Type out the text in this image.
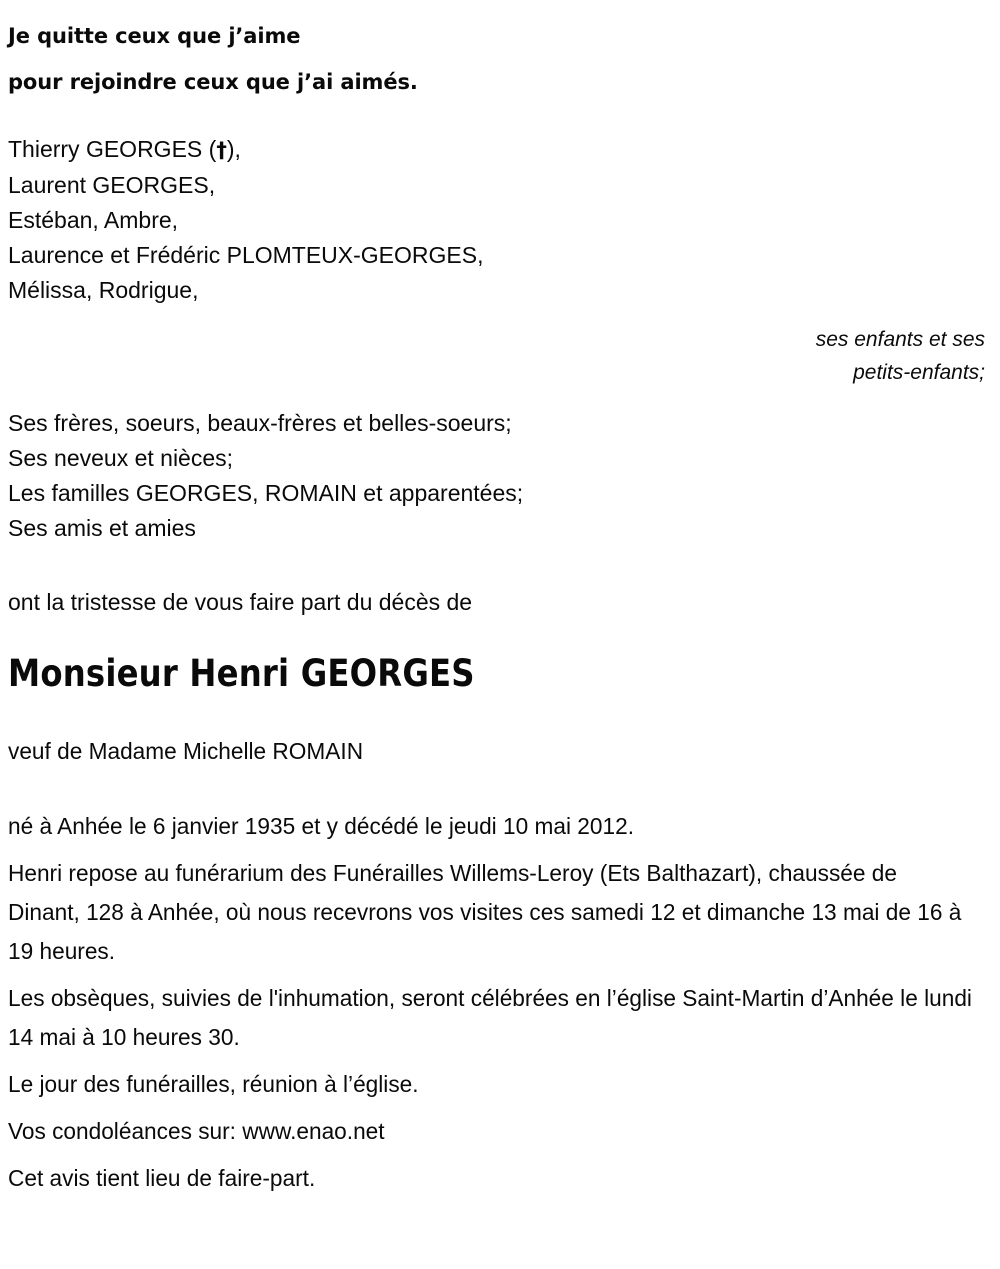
Je quitte ceux que j’aime
pour rejoindre ceux que j’ai aimés.
Thierry GEORGES (†),
Laurent GEORGES,
Estéban, Ambre,
Laurence et Frédéric PLOMTEUX-GEORGES,
Mélissa, Rodrigue,
ses enfants et ses
petits-enfants;
Ses frères, soeurs, beaux-frères et belles-soeurs;
Ses neveux et nièces;
Les familles GEORGES, ROMAIN et apparentées;
Ses amis et amies
ont la tristesse de vous faire part du décès de
Monsieur Henri GEORGES
veuf de Madame Michelle ROMAIN

né à Anhée le 6 janvier 1935 et y décédé le jeudi 10 mai 2012.

Henri repose au funérarium des Funérailles Willems-Leroy (Ets Balthazart), chaussée de Dinant, 128 à Anhée, où nous recevrons vos visites ces samedi 12 et dimanche 13 mai de 16 à 19 heures.

Les obsèques, suivies de l'inhumation, seront célébrées en l’église Saint-Martin d’Anhée le lundi 14 mai à 10 heures 30.

Le jour des funérailles, réunion à l’église.

Vos condoléances sur: www.enao.net

Cet avis tient lieu de faire-part.
